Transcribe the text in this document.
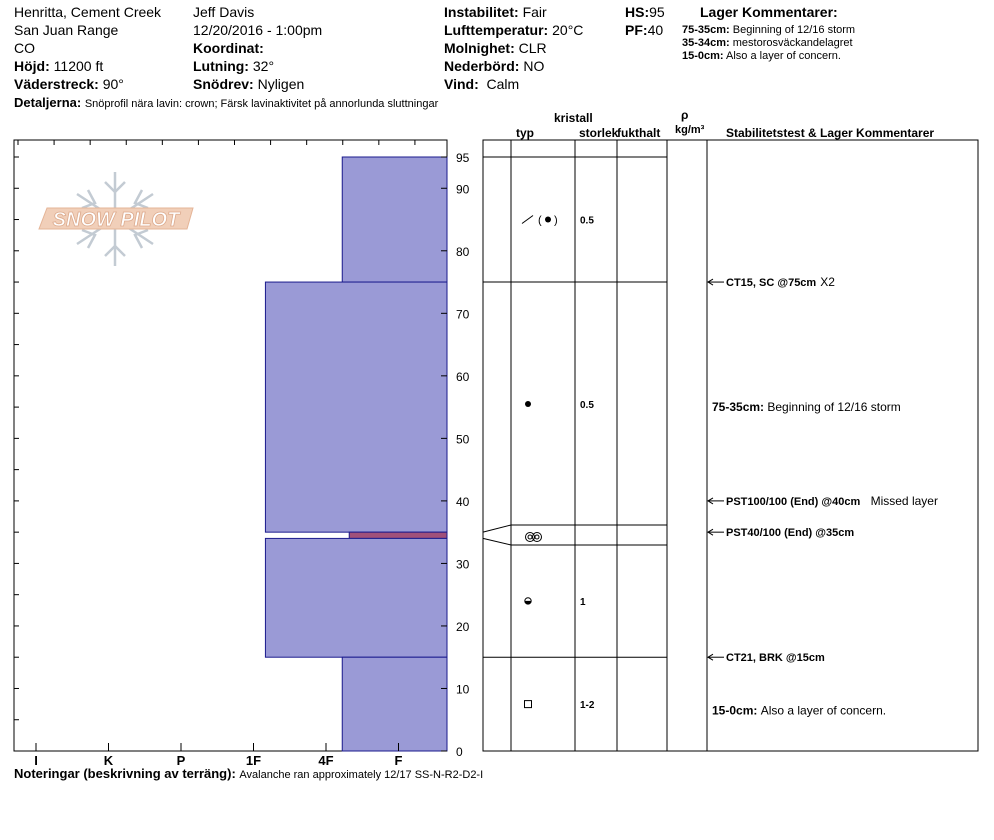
Henritta, Cement Creek
San Juan Range
CO
Höjd: 11200 ft
Väderstreck: 90°
Jeff Davis
12/20/2016 - 1:00pm
Koordinat:
Lutning: 32°
Snödrev: Nyligen
Instabilitet: Fair
Lufttemperatur: 20°C
Molnighet: CLR
Nederbörd: NO
Vind: Calm
HS:95
PF:40
Lager Kommentarer:
75-35cm: Beginning of 12/16 storm
35-34cm: mestorosväckandelagret
15-0cm: Also a layer of concern.
Detaljerna: Snöprofil nära lavin: crown; Färsk lavinaktivitet på annorlunda sluttningar
kristall
typ	storlek
fukthalt
ρ
kg/m³ Stabilitetstest & Lager Kommentarer
SNOW PILOT
0
10
20
30
40
50
60
70
80
90
95
I	K	P	1F	4F	F
( ) 0.5
0.5
1
1-2
CT15, SC @75cm X2
PST100/100 (End) @40cm Missed layer
PST40/100 (End) @35cm
CT21, BRK @15cm
75-35cm: Beginning of 12/16 storm
15-0cm: Also a layer of concern.
Noteringar (beskrivning av terräng): Avalanche ran approximately 12/17 SS-N-R2-D2-I
